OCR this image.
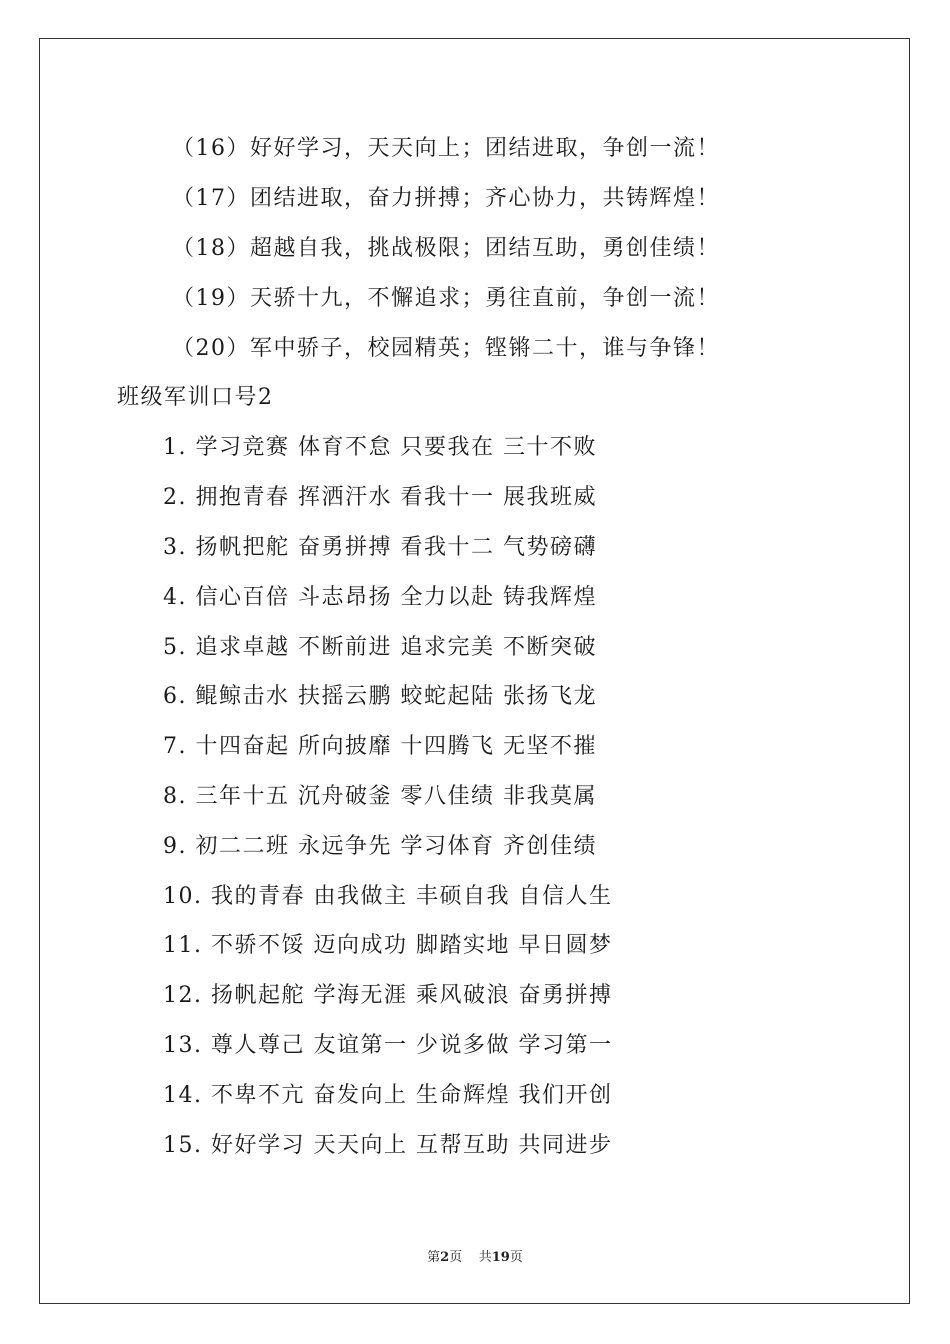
（16）好好学习，天天向上；团结进取，争创一流！
（17）团结进取，奋力拼搏；齐心协力，共铸辉煌！
（18）超越自我，挑战极限；团结互助，勇创佳绩！
（19）天骄十九，不懈追求；勇往直前，争创一流！
（20）军中骄子，校园精英；铿锵二十，谁与争锋！
班级军训口号2
1. 学习竞赛 体育不怠 只要我在 三十不败
2. 拥抱青春 挥洒汗水 看我十一 展我班威
3. 扬帆把舵 奋勇拼搏 看我十二 气势磅礴
4. 信心百倍 斗志昂扬 全力以赴 铸我辉煌
5. 追求卓越 不断前进 追求完美 不断突破
6. 鲲鲸击水 扶摇云鹏 蛟蛇起陆 张扬飞龙
7. 十四奋起 所向披靡 十四腾飞 无坚不摧
8. 三年十五 沉舟破釜 零八佳绩 非我莫属
9. 初二二班 永远争先 学习体育 齐创佳绩
10. 我的青春 由我做主 丰硕自我 自信人生
11. 不骄不馁 迈向成功 脚踏实地 早日圆梦
12. 扬帆起舵 学海无涯 乘风破浪 奋勇拼搏
13. 尊人尊己 友谊第一 少说多做 学习第一
14. 不卑不亢 奋发向上 生命辉煌 我们开创
15. 好好学习 天天向上 互帮互助 共同进步
第2页 共19页
